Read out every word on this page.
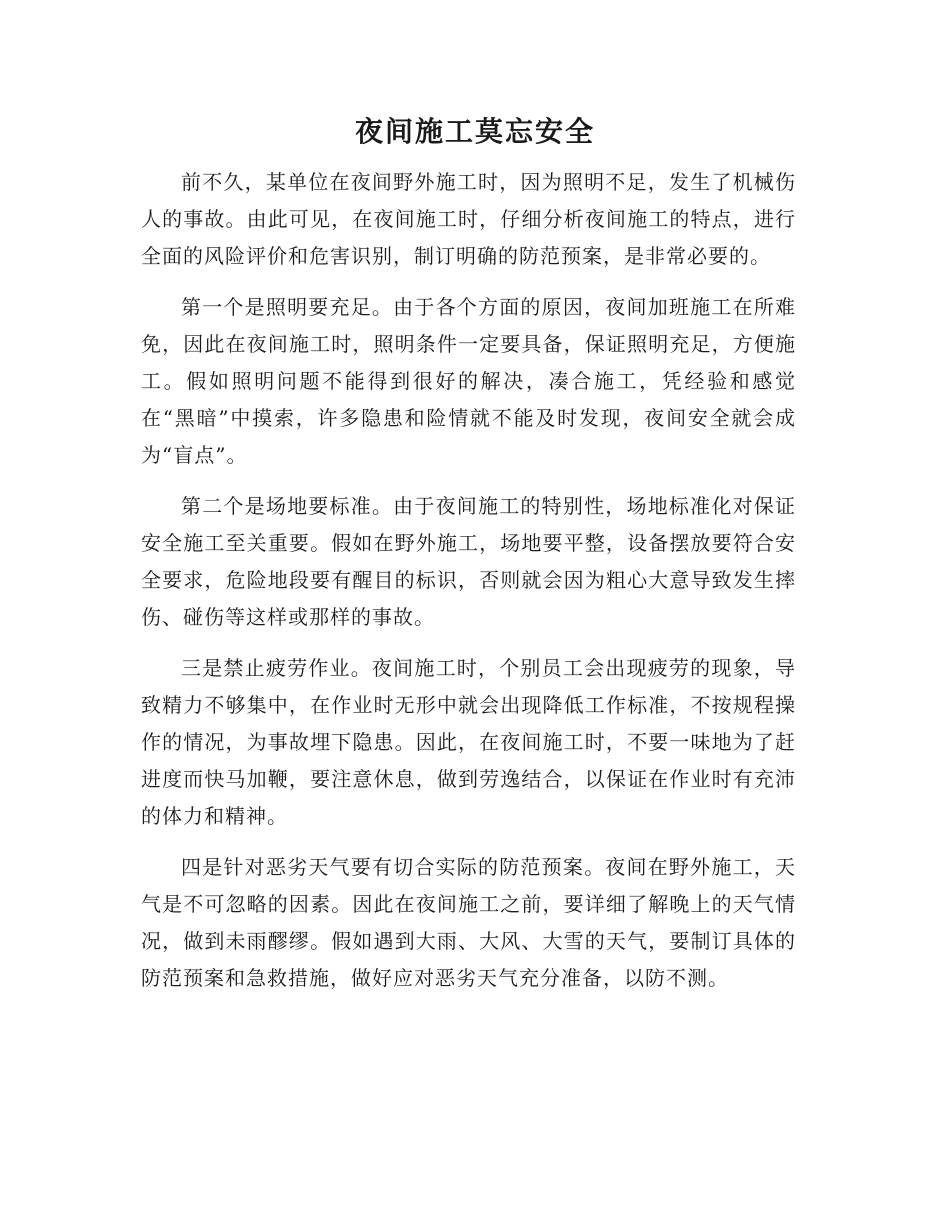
夜间施工莫忘安全

前不久，某单位在夜间野外施工时，因为照明不足，发生了机械伤人的事故。由此可见，在夜间施工时，仔细分析夜间施工的特点，进行全面的风险评价和危害识别，制订明确的防范预案，是非常必要的。

第一个是照明要充足。由于各个方面的原因，夜间加班施工在所难免，因此在夜间施工时，照明条件一定要具备，保证照明充足，方便施工。假如照明问题不能得到很好的解决，凑合施工，凭经验和感觉在“黑暗”中摸索，许多隐患和险情就不能及时发现，夜间安全就会成为“盲点”。

第二个是场地要标准。由于夜间施工的特别性，场地标准化对保证安全施工至关重要。假如在野外施工，场地要平整，设备摆放要符合安全要求，危险地段要有醒目的标识，否则就会因为粗心大意导致发生摔伤、碰伤等这样或那样的事故。

三是禁止疲劳作业。夜间施工时，个别员工会出现疲劳的现象，导致精力不够集中，在作业时无形中就会出现降低工作标准，不按规程操作的情况，为事故埋下隐患。因此，在夜间施工时，不要一味地为了赶进度而快马加鞭，要注意休息，做到劳逸结合，以保证在作业时有充沛的体力和精神。

四是针对恶劣天气要有切合实际的防范预案。夜间在野外施工，天气是不可忽略的因素。因此在夜间施工之前，要详细了解晚上的天气情况，做到未雨醪缪。假如遇到大雨、大风、大雪的天气，要制订具体的防范预案和急救措施，做好应对恶劣天气充分准备，以防不测。
